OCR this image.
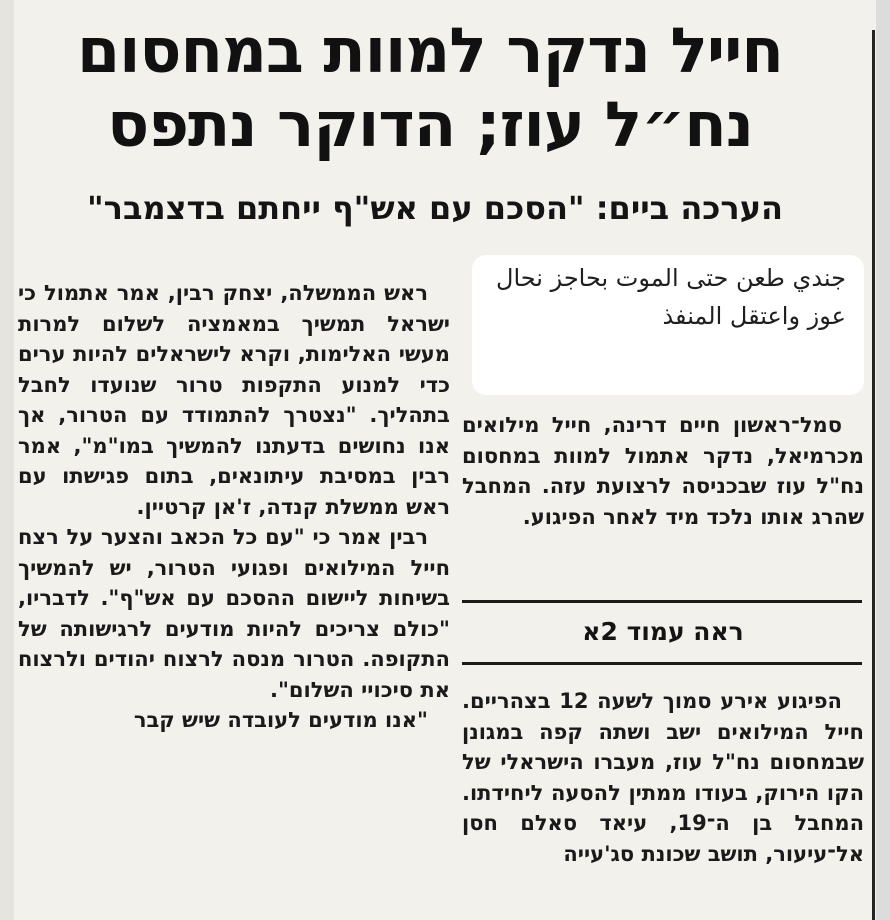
חייל נדקר למוות במחסום
נח״ל עוז; הדוקר נתפס
הערכה ביים: "הסכם עם אש"ף ייחתם בדצמבר"

ראש הממשלה, יצחק רבין, אמר אתמול כי ישראל תמשיך במאמציה לשלום למרות מעשי האלימות, וקרא לישראלים להיות ערים כדי למנוע התקפות טרור שנועדו לחבל בתהליך. "נצטרך להתמודד עם הטרור, אך אנו נחושים בדעתנו להמשיך במו"מ", אמר רבין במסיבת עיתונאים, בתום פגישתו עם ראש ממשלת קנדה, ז'אן קרטיין.

רבין אמר כי "עם כל הכאב והצער על רצח חייל המילואים ופגועי הטרור, יש להמשיך בשיחות ליישום ההסכם עם אש"ף". לדבריו, "כולם צריכים להיות מודעים לרגישותה של התקופה. הטרור מנסה לרצוח יהודים ולרצוח את סיכויי השלום".

"אנו מודעים לעובדה שיש קבר

סמל־ראשון חיים דרינה, חייל מילואים מכרמיאל, נדקר אתמול למוות במחסום נח"ל עוז שבכניסה לרצועת עזה. המחבל שהרג אותו נלכד מיד לאחר הפיגוע.

ראה עמוד 2א

הפיגוע אירע סמוך לשעה 12 בצהריים. חייל המילואים ישב ושתה קפה במגונן שבמחסום נח"ל עוז, מעברו הישראלי של הקו הירוק, בעודו ממתין להסעה ליחידתו. המחבל בן ה־19, עיאד סאלם חסן אל־עיעור, תושב שכונת סג'עייה

جندي طعن حتى الموت بحاجز نحال عوز واعتقل المنفذ
